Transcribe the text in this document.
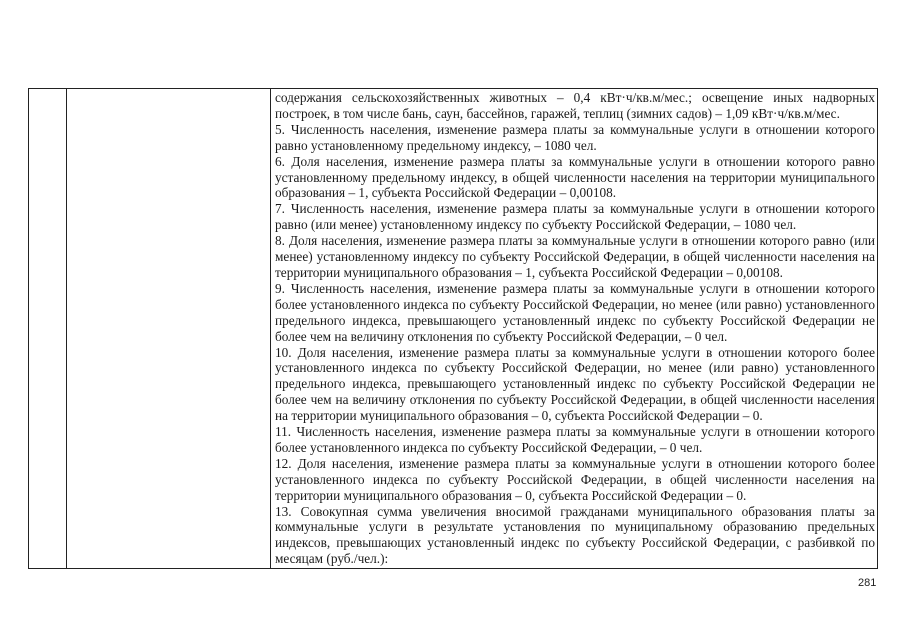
содержания сельскохозяйственных животных – 0,4 кВт·ч/кв.м/мес.; освещение иных надворных построек, в том числе бань, саун, бассейнов, гаражей, теплиц (зимних садов) – 1,09 кВт·ч/кв.м/мес.

5. Численность населения, изменение размера платы за коммунальные услуги в отношении которого равно установленному предельному индексу, – 1080 чел.

6. Доля населения, изменение размера платы за коммунальные услуги в отношении которого равно установленному предельному индексу, в общей численности населения на территории муниципального образования – 1, субъекта Российской Федерации – 0,00108.

7. Численность населения, изменение размера платы за коммунальные услуги в отношении которого равно (или менее) установленному индексу по субъекту Российской Федерации, – 1080 чел.

8. Доля населения, изменение размера платы за коммунальные услуги в отношении которого равно (или менее) установленному индексу по субъекту Российской Федерации, в общей численности населения на территории муниципального образования – 1, субъекта Российской Федерации – 0,00108.

9. Численность населения, изменение размера платы за коммунальные услуги в отношении которого более установленного индекса по субъекту Российской Федерации, но менее (или равно) установленного предельного индекса, превышающего установленный индекс по субъекту Российской Федерации не более чем на величину отклонения по субъекту Российской Федерации, – 0 чел.

10. Доля населения, изменение размера платы за коммунальные услуги в отношении которого более установленного индекса по субъекту Российской Федерации, но менее (или равно) установленного предельного индекса, превышающего установленный индекс по субъекту Российской Федерации не более чем на величину отклонения по субъекту Российской Федерации, в общей численности населения на территории муниципального образования – 0, субъекта Российской Федерации – 0.

11. Численность населения, изменение размера платы за коммунальные услуги в отношении которого более установленного индекса по субъекту Российской Федерации, – 0 чел.

12. Доля населения, изменение размера платы за коммунальные услуги в отношении которого более установленного индекса по субъекту Российской Федерации, в общей численности населения на территории муниципального образования – 0, субъекта Российской Федерации – 0.

13. Совокупная сумма увеличения вносимой гражданами муниципального образования платы за коммунальные услуги в результате установления по муниципальному образованию предельных индексов, превышающих установленный индекс по субъекту Российской Федерации, с разбивкой по месяцам (руб./чел.):

281
